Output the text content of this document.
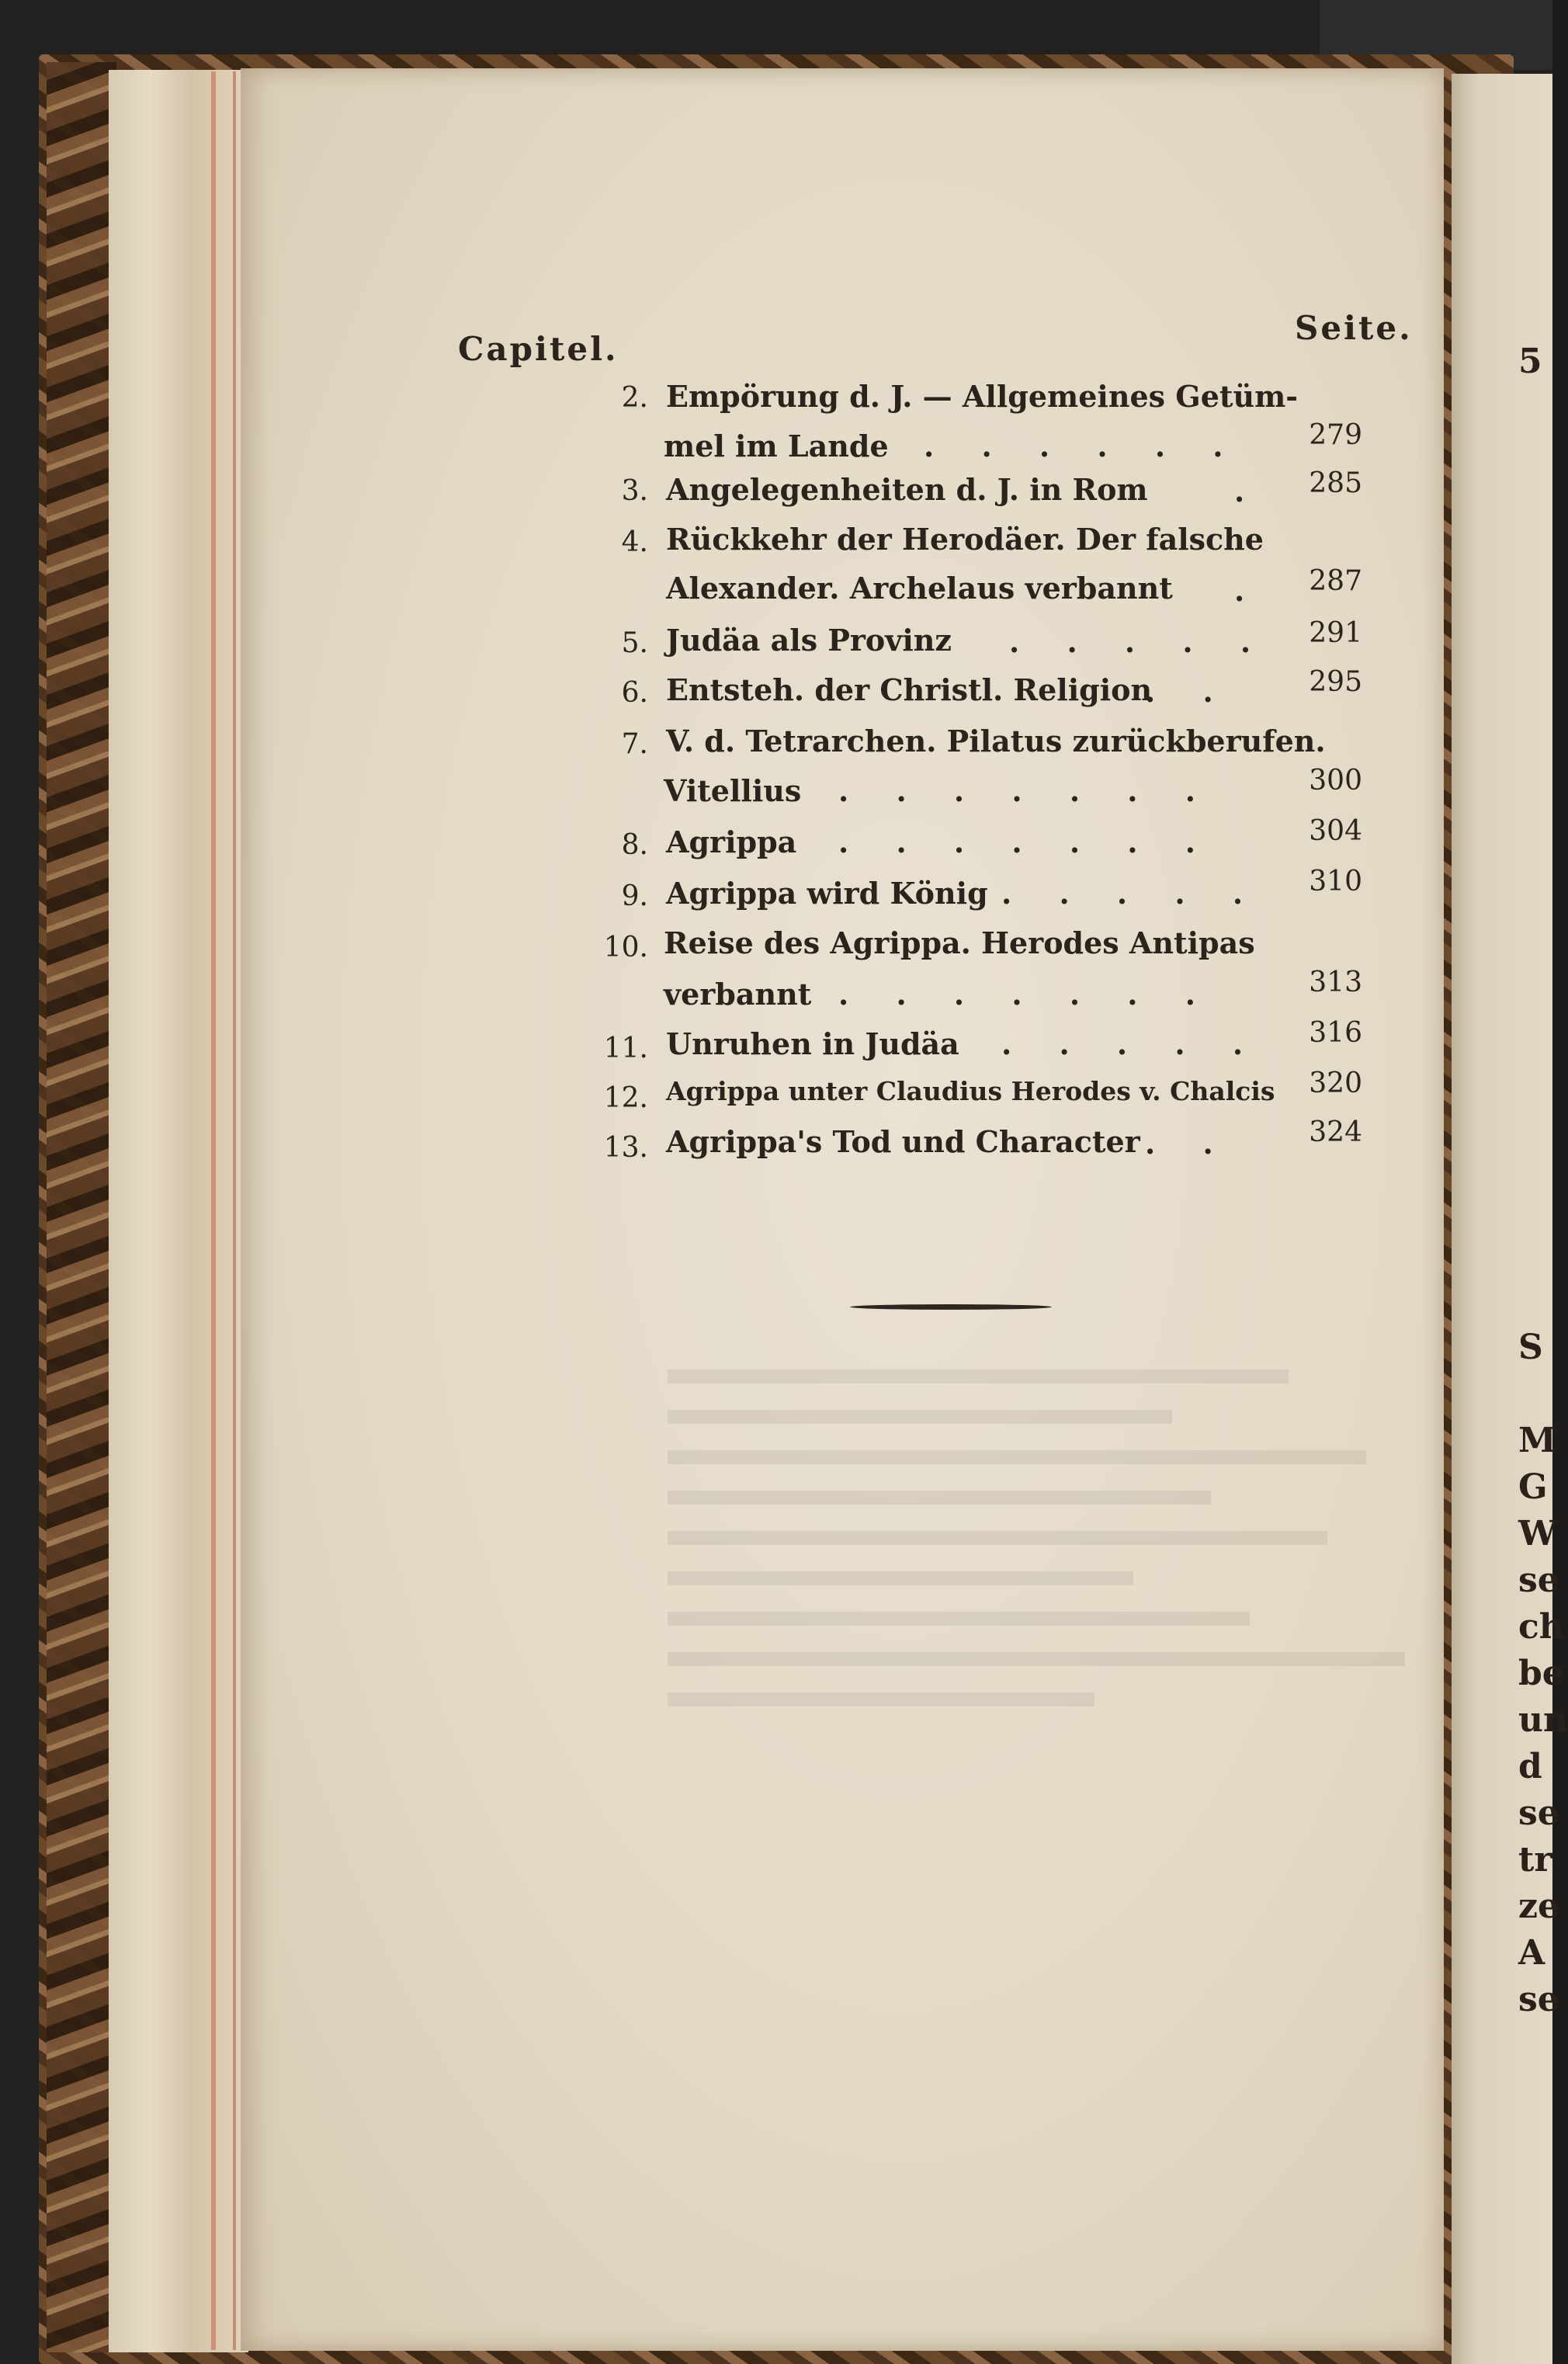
5
S
M
G
W
se
ch
be
un
d
se
tr
ze
A
se
Capitel.
Seite.
2. Empörung d. J. — Allgemeines Getüm-
mel im Lande . . . . . .	279
3. Angelegenheiten d. J. in Rom	.	285
4. Rückkehr der Herodäer. Der falsche
Alexander. Archelaus verbannt .	287
5. Judäa als Provinz . . . . .	291
6. Entsteh. der Christl. Religion
. .	295
7. V. d. Tetrarchen. Pilatus zurückberufen.
Vitellius . . . . . . .	300
8. Agrippa . . . . . . .	304
9. Agrippa wird König . . . . .	310
10. Reise des Agrippa. Herodes Antipas
verbannt . . . . . . .	313
11. Unruhen in Judäa . . . . .	316
12. Agrippa unter Claudius Herodes v. Chalcis	320
13. Agrippa's Tod und Character . .	324
